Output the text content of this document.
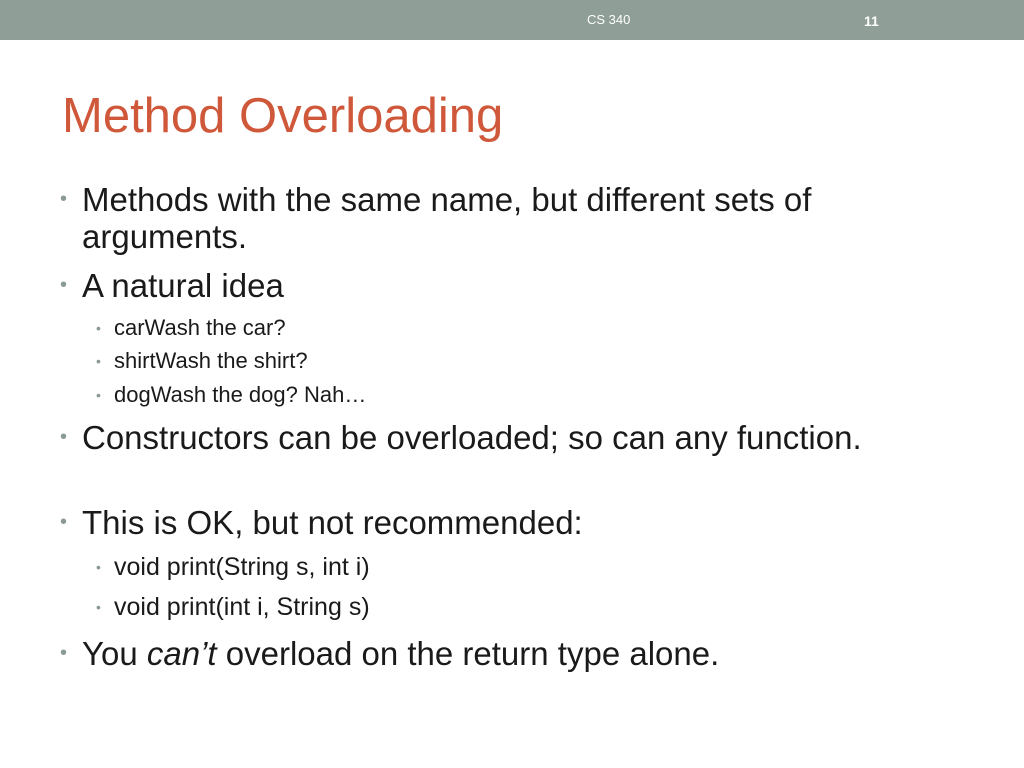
CS 340	11
Method Overloading
• Methods with the same name, but different sets of arguments.
• A natural idea
• carWash the car?
• shirtWash the shirt?
• dogWash the dog? Nah…
• Constructors can be overloaded; so can any function.
• This is OK, but not recommended:
• void print(String s, int i)
• void print(int i, String s)
• You can’t overload on the return type alone.
